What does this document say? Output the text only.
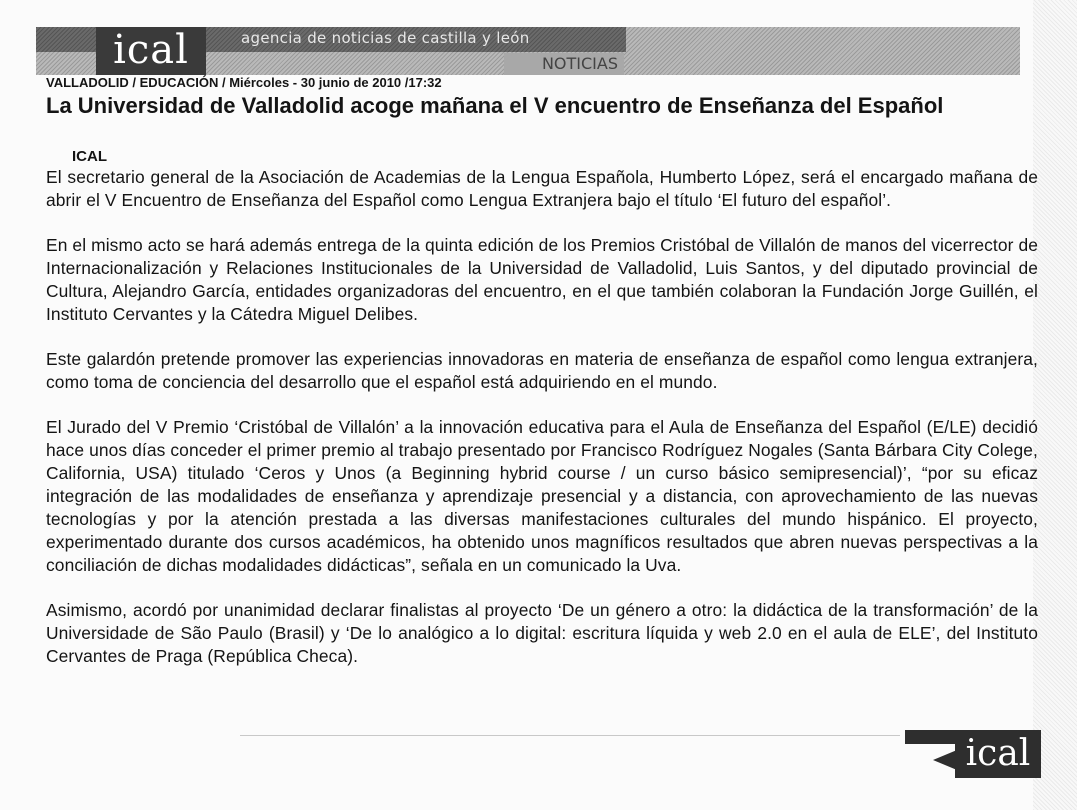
ical	agencia de noticias de castilla y león
NOTICIAS
VALLADOLID / EDUCACIÓN / Miércoles - 30 junio de 2010 /17:32
La Universidad de Valladolid acoge mañana el V encuentro de Enseñanza del Español
ICAL

El secretario general de la Asociación de Academias de la Lengua Española, Humberto López, será el encargado mañana de abrir el V Encuentro de Enseñanza del Español como Lengua Extranjera bajo el título ‘El futuro del español’.

En el mismo acto se hará además entrega de la quinta edición de los Premios Cristóbal de Villalón de manos del vicerrector de Internacionalización y Relaciones Institucionales de la Universidad de Valladolid, Luis Santos, y del diputado provincial de Cultura, Alejandro García, entidades organizadoras del encuentro, en el que también colaboran la Fundación Jorge Guillén, el Instituto Cervantes y la Cátedra Miguel Delibes.

Este galardón pretende promover las experiencias innovadoras en materia de enseñanza de español como lengua extranjera, como toma de conciencia del desarrollo que el español está adquiriendo en el mundo.

El Jurado del V Premio ‘Cristóbal de Villalón’ a la innovación educativa para el Aula de Enseñanza del Español (E/LE) decidió hace unos días conceder el primer premio al trabajo presentado por Francisco Rodríguez Nogales (Santa Bárbara City Colege, California, USA) titulado ‘Ceros y Unos (a Beginning hybrid course / un curso básico semipresencial)’, “por su eficaz integración de las modalidades de enseñanza y aprendizaje presencial y a distancia, con aprovechamiento de las nuevas tecnologías y por la atención prestada a las diversas manifestaciones culturales del mundo hispánico. El proyecto, experimentado durante dos cursos académicos, ha obtenido unos magníficos resultados que abren nuevas perspectivas a la conciliación de dichas modalidades didácticas”, señala en un comunicado la Uva.

Asimismo, acordó por unanimidad declarar finalistas al proyecto ‘De un género a otro: la didáctica de la transformación’ de la Universidade de São Paulo (Brasil) y ‘De lo analógico a lo digital: escritura líquida y web 2.0 en el aula de ELE’, del Instituto Cervantes de Praga (República Checa).

ical
